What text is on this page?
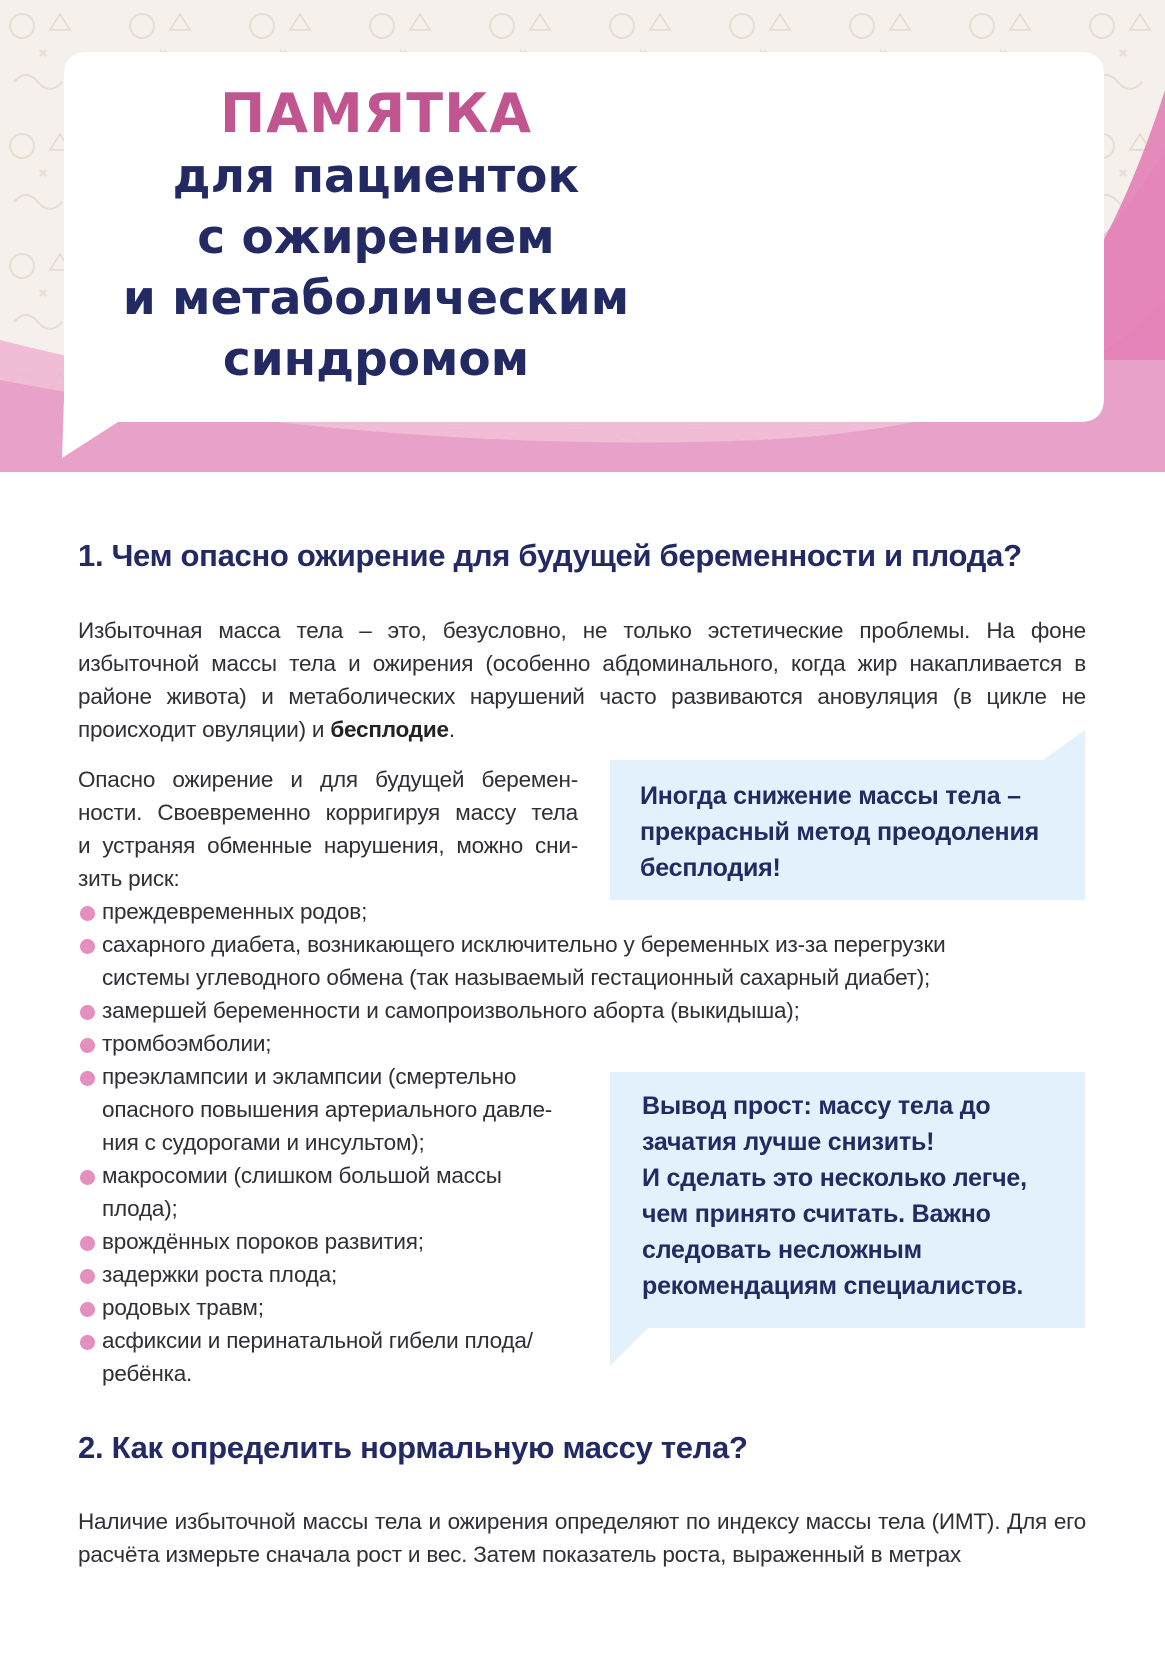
ПАМЯТКА
для пациенток
с ожирением
и метаболическим
синдромом
1. Чем опасно ожирение для будущей беременности и плода?

Избыточная масса тела – это, безусловно, не только эстетические проблемы. На фоне избыточной массы тела и ожирения (особенно абдоминального, когда жир накапливается в районе живота) и метаболических нарушений часто развиваются ановуляция (в цикле не происходит овуляции) и бесплодие.

Опасно ожирение и для будущей беремен-
ности. Своевременно корригируя массу тела
и устраняя обменные нарушения, можно сни-
зить риск:
Иногда снижение массы тела –
прекрасный метод преодоления
бесплодия!
преждевременных родов;
сахарного диабета, возникающего исключительно у беременных из-за перегрузки
системы углеводного обмена (так называемый гестационный сахарный диабет);
замершей беременности и самопроизвольного аборта (выкидыша);
тромбоэмболии;
преэклампсии и эклампсии (смертельно
опасного повышения артериального давле-
ния с судорогами и инсультом);
макросомии (слишком большой массы
плода);
врождённых пороков развития;
задержки роста плода;
родовых травм;
асфиксии и перинатальной гибели плода/
ребёнка.
Вывод прост: массу тела до
зачатия лучше снизить!
И сделать это несколько легче,
чем принято считать. Важно
следовать несложным
рекомендациям специалистов.
2. Как определить нормальную массу тела?

Наличие избыточной массы тела и ожирения определяют по индексу массы тела (ИМТ). Для его расчёта измерьте сначала рост и вес. Затем показатель роста, выраженный в метрах
